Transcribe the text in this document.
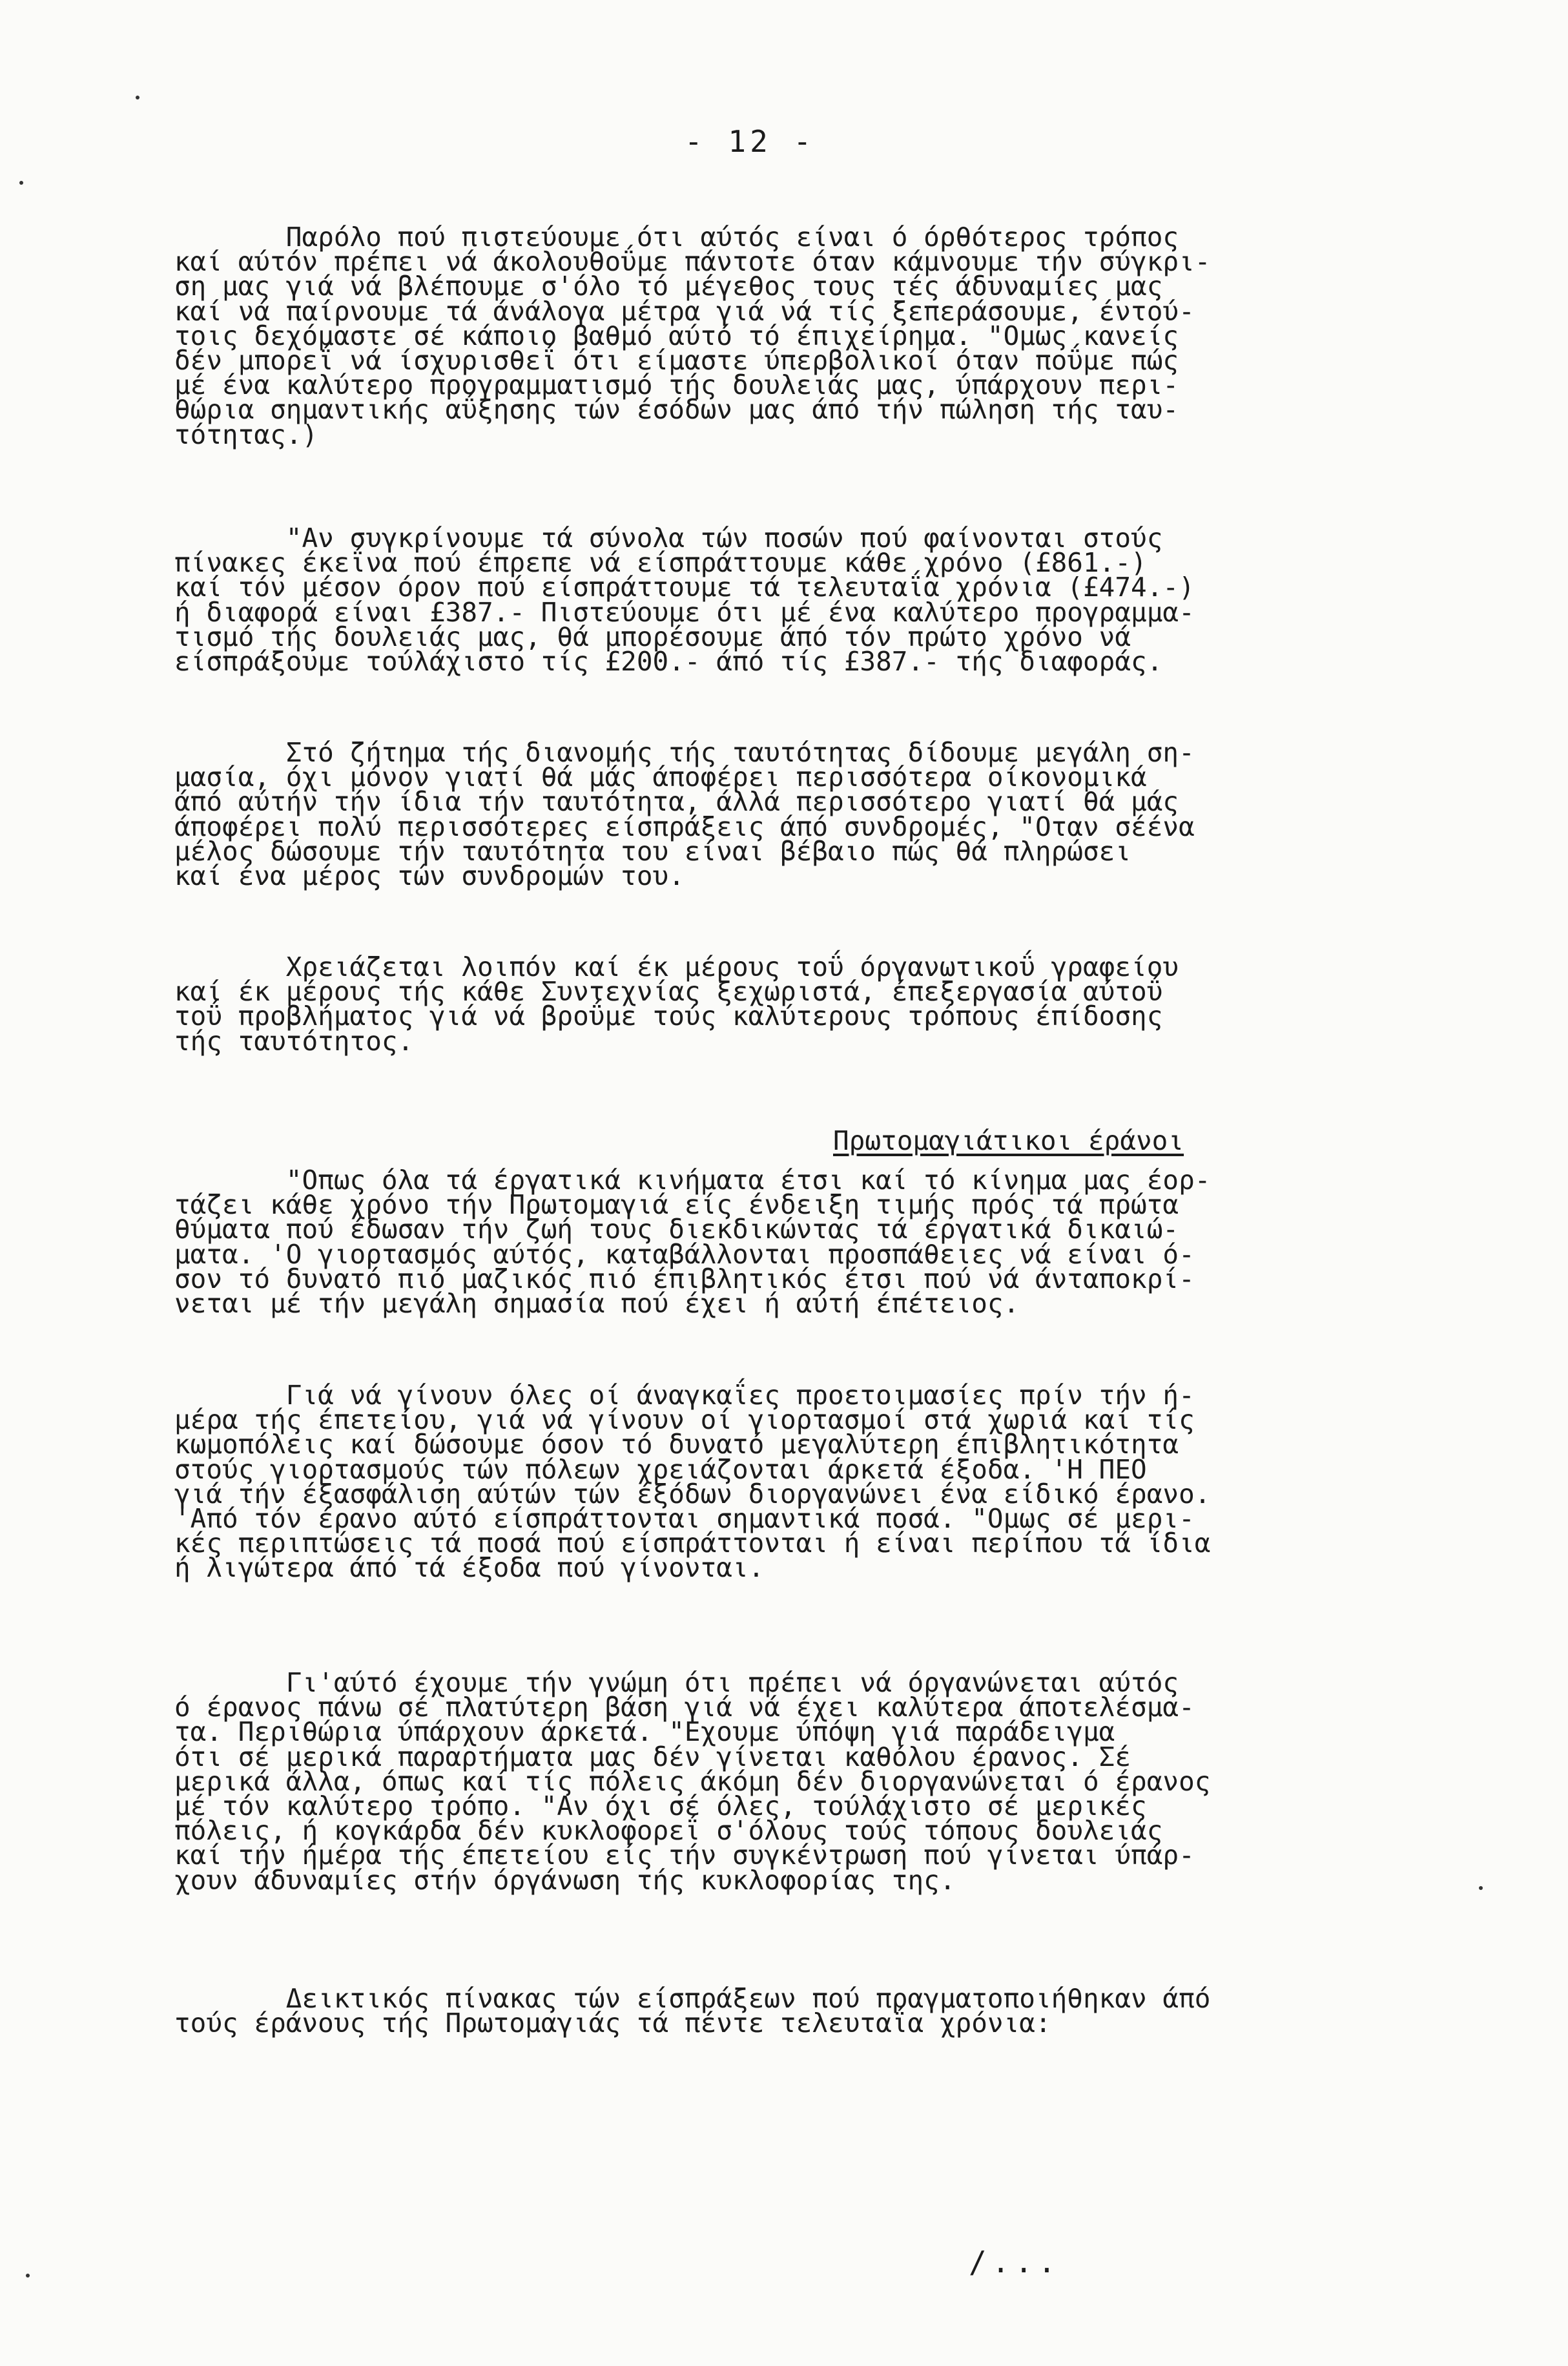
- 12 -
Παρόλο πού πιστεύουμε ότι αύτός είναι ό όρθότερος τρόπος
καί αύτόν πρέπει νά άκολουθοΰμε πάντοτε όταν κάμνουμε τήν σύγκρι-
ση μας γιά νά βλέπουμε σ'όλο τό μέγεθος τους τές άδυναμίες μας
καί νά παίρνουμε τά άνάλογα μέτρα γιά νά τίς ξεπεράσουμε, έντού-
τοις δεχόμαστε σέ κάποιο βαθμό αύτό τό έπιχείρημα. "Ομως κανείς
δέν μπορεΐ νά ίσχυρισθεΐ ότι είμαστε ύπερβολικοί όταν ποΰμε πώς
μέ ένα καλύτερο προγραμματισμό τής δουλειάς μας, ύπάρχουν περι-
θώρια σημαντικής αΰξησης τών έσόδων μας άπό τήν πώληση τής ταυ-
τότητας.)
"Αν συγκρίνουμε τά σύνολα τών ποσών πού φαίνονται στούς
πίνακες έκεΐνα πού έπρεπε νά είσπράττουμε κάθε χρόνο (£861.-)
καί τόν μέσον όρον πού είσπράττουμε τά τελευταΐα χρόνια (£474.-)
ή διαφορά είναι £387.- Πιστεύουμε ότι μέ ένα καλύτερο προγραμμα-
τισμό τής δουλειάς μας, θά μπορέσουμε άπό τόν πρώτο χρόνο νά
είσπράξουμε τούλάχιστο τίς £200.- άπό τίς £387.- τής διαφοράς.
Στό ζήτημα τής διανομής τής ταυτότητας δίδουμε μεγάλη ση-
μασία, όχι μόνον γιατί θά μάς άποφέρει περισσότερα οίκονομικά
άπό αύτήν τήν ίδια τήν ταυτότητα, άλλά περισσότερο γιατί θά μάς
άποφέρει πολύ περισσότερες είσπράξεις άπό συνδρομές, "Οταν σέένα
μέλος δώσουμε τήν ταυτότητα του είναι βέβαιο πώς θά πληρώσει
καί ένα μέρος τών συνδρομών του.
Χρειάζεται λοιπόν καί έκ μέρους τοΰ όργανωτικοΰ γραφείου
καί έκ μέρους τής κάθε Συντεχνίας ξεχωριστά, έπεξεργασία αύτοΰ
τοΰ προβλήματος γιά νά βροΰμε τούς καλύτερους τρόπους έπίδοσης
τής ταυτότητος.
Πρωτομαγιάτικοι έράνοι
"Οπως όλα τά έργατικά κινήματα έτσι καί τό κίνημα μας έορ-
τάζει κάθε χρόνο τήν Πρωτομαγιά είς ένδειξη τιμής πρός τά πρώτα
θύματα πού έδωσαν τήν ζωή τους διεκδικώντας τά έργατικά δικαιώ-
ματα. 'Ο γιορτασμός αύτός, καταβάλλονται προσπάθειες νά είναι ό-
σον τό δυνατό πιό μαζικός πιό έπιβλητικός έτσι πού νά άνταποκρί-
νεται μέ τήν μεγάλη σημασία πού έχει ή αύτή έπέτειος.
Γιά νά γίνουν όλες οί άναγκαΐες προετοιμασίες πρίν τήν ή-
μέρα τής έπετείου, γιά νά γίνουν οί γιορτασμοί στά χωριά καί τίς
κωμοπόλεις καί δώσουμε όσον τό δυνατό μεγαλύτερη έπιβλητικότητα
στούς γιορτασμούς τών πόλεων χρειάζονται άρκετά έξοδα. 'Η ΠΕΟ
γιά τήν έξασφάλιση αύτών τών έξόδων διοργανώνει ένα είδικό έρανο.
'Από τόν έρανο αύτό είσπράττονται σημαντικά ποσά. "Ομως σέ μερι-
κές περιπτώσεις τά ποσά πού είσπράττονται ή είναι περίπου τά ίδια
ή λιγώτερα άπό τά έξοδα πού γίνονται.
Γι'αύτό έχουμε τήν γνώμη ότι πρέπει νά όργανώνεται αύτός
ό έρανος πάνω σέ πλατύτερη βάση γιά νά έχει καλύτερα άποτελέσμα-
τα. Περιθώρια ύπάρχουν άρκετά. "Εχουμε ύπόψη γιά παράδειγμα
ότι σέ μερικά παραρτήματα μας δέν γίνεται καθόλου έρανος. Σέ
μερικά άλλα, όπως καί τίς πόλεις άκόμη δέν διοργανώνεται ό έρανος
μέ τόν καλύτερο τρόπο. "Αν όχι σέ όλες, τούλάχιστο σέ μερικές
πόλεις, ή κογκάρδα δέν κυκλοφορεΐ σ'όλους τούς τόπους δουλειάς
καί τήν ήμέρα τής έπετείου είς τήν συγκέντρωση πού γίνεται ύπάρ-
χουν άδυναμίες στήν όργάνωση τής κυκλοφορίας της.
Δεικτικός πίνακας τών είσπράξεων πού πραγματοποιήθηκαν άπό
τούς έράνους τής Πρωτομαγιάς τά πέντε τελευταΐα χρόνια:
/...
